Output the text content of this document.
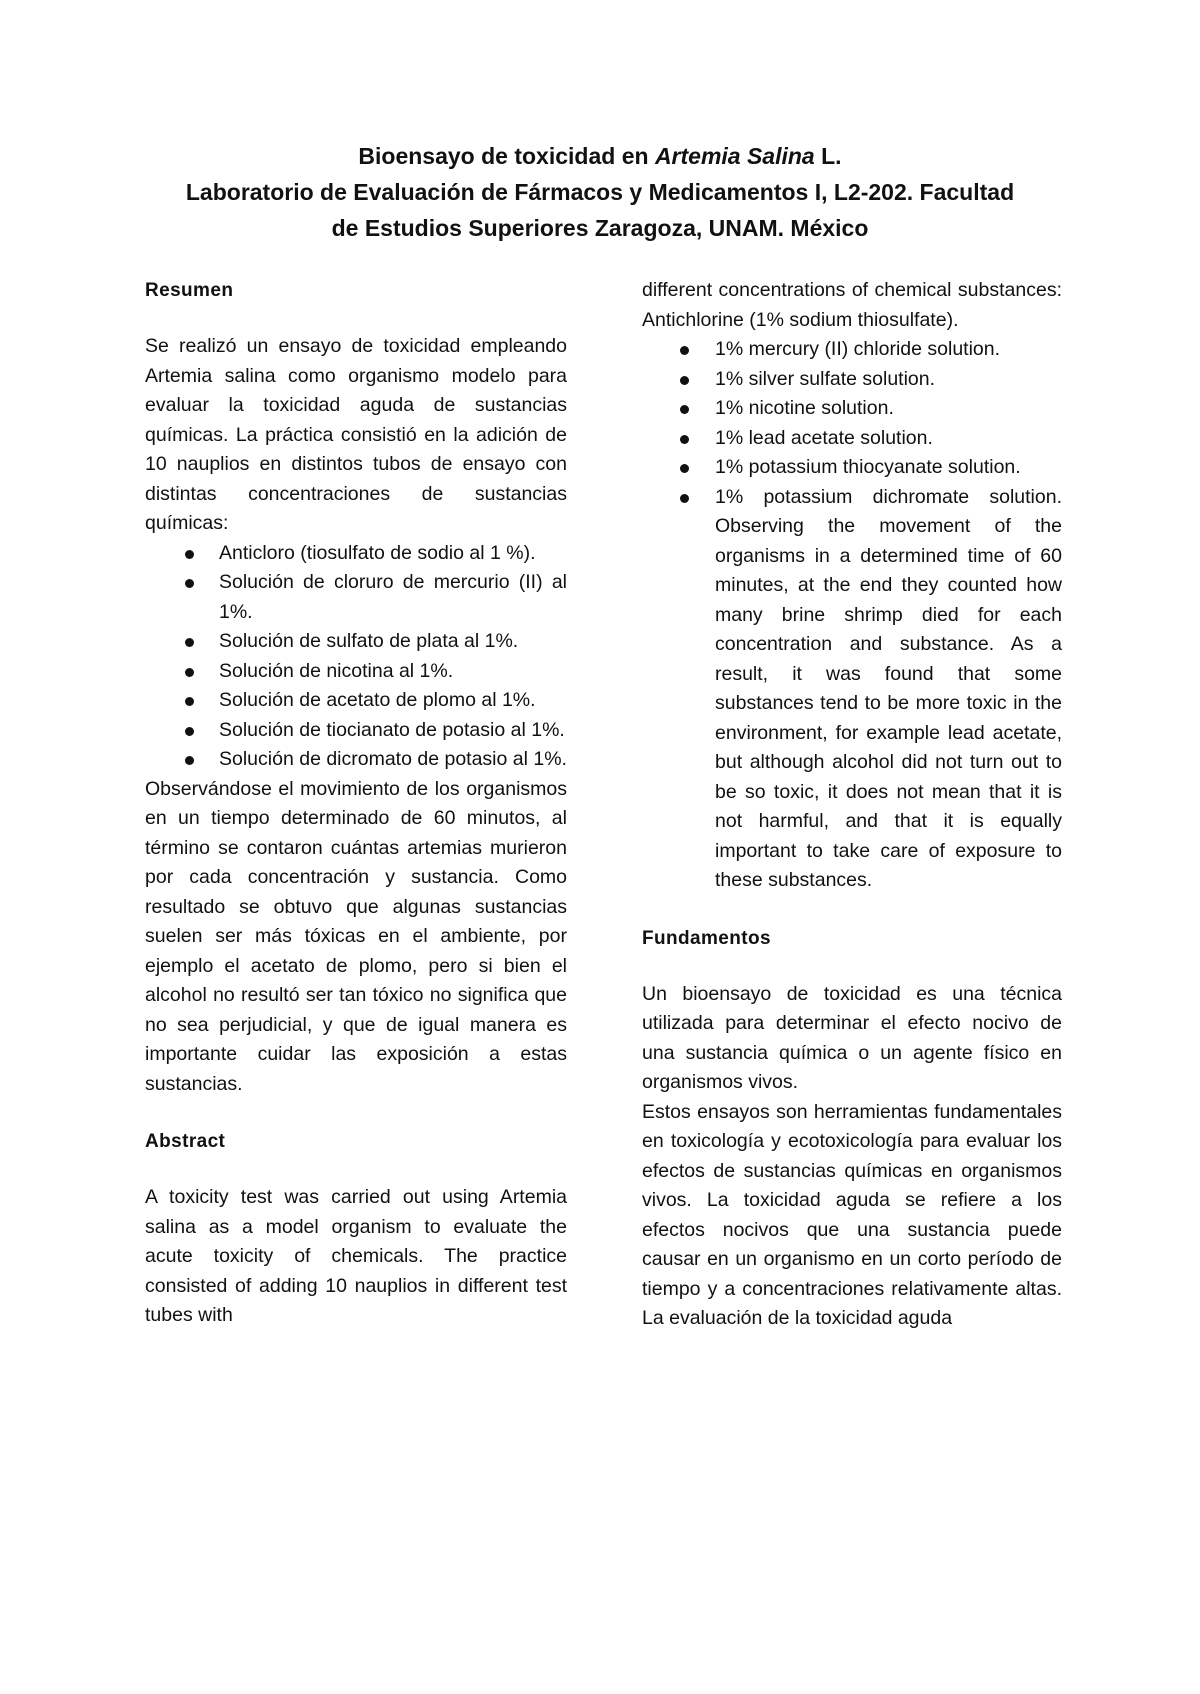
Bioensayo de toxicidad en Artemia Salina L.

Laboratorio de Evaluación de Fármacos y Medicamentos I, L2-202. Facultad

de Estudios Superiores Zaragoza, UNAM. México

Resumen

Se realizó un ensayo de toxicidad empleando Artemia salina como organismo modelo para evaluar la toxicidad aguda de sustancias químicas. La práctica consistió en la adición de 10 nauplios en distintos tubos de ensayo con distintas concentraciones de sustancias químicas:

Anticloro (tiosulfato de sodio al 1 %).
Solución de cloruro de mercurio (II) al 1%.
Solución de sulfato de plata al 1%.
Solución de nicotina al 1%.
Solución de acetato de plomo al 1%.
Solución de tiocianato de potasio al 1%.
Solución de dicromato de potasio al 1%.

Observándose el movimiento de los organismos en un tiempo determinado de 60 minutos, al término se contaron cuántas artemias murieron por cada concentración y sustancia. Como resultado se obtuvo que algunas sustancias suelen ser más tóxicas en el ambiente, por ejemplo el acetato de plomo, pero si bien el alcohol no resultó ser tan tóxico no significa que no sea perjudicial, y que de igual manera es importante cuidar las exposición a estas sustancias.

Abstract

A toxicity test was carried out using Artemia salina as a model organism to evaluate the acute toxicity of chemicals. The practice consisted of adding 10 nauplios in different test tubes with

different concentrations of chemical substances: Antichlorine (1% sodium thiosulfate).

1% mercury (II) chloride solution.
1% silver sulfate solution.
1% nicotine solution.
1% lead acetate solution.
1% potassium thiocyanate solution.
1% potassium dichromate solution. Observing the movement of the organisms in a determined time of 60 minutes, at the end they counted how many brine shrimp died for each concentration and substance. As a result, it was found that some substances tend to be more toxic in the environment, for example lead acetate, but although alcohol did not turn out to be so toxic, it does not mean that it is not harmful, and that it is equally important to take care of exposure to these substances.
Fundamentos

Un bioensayo de toxicidad es una técnica utilizada para determinar el efecto nocivo de una sustancia química o un agente físico en organismos vivos.

Estos ensayos son herramientas fundamentales en toxicología y ecotoxicología para evaluar los efectos de sustancias químicas en organismos vivos. La toxicidad aguda se refiere a los efectos nocivos que una sustancia puede causar en un organismo en un corto período de tiempo y a concentraciones relativamente altas. La evaluación de la toxicidad aguda
